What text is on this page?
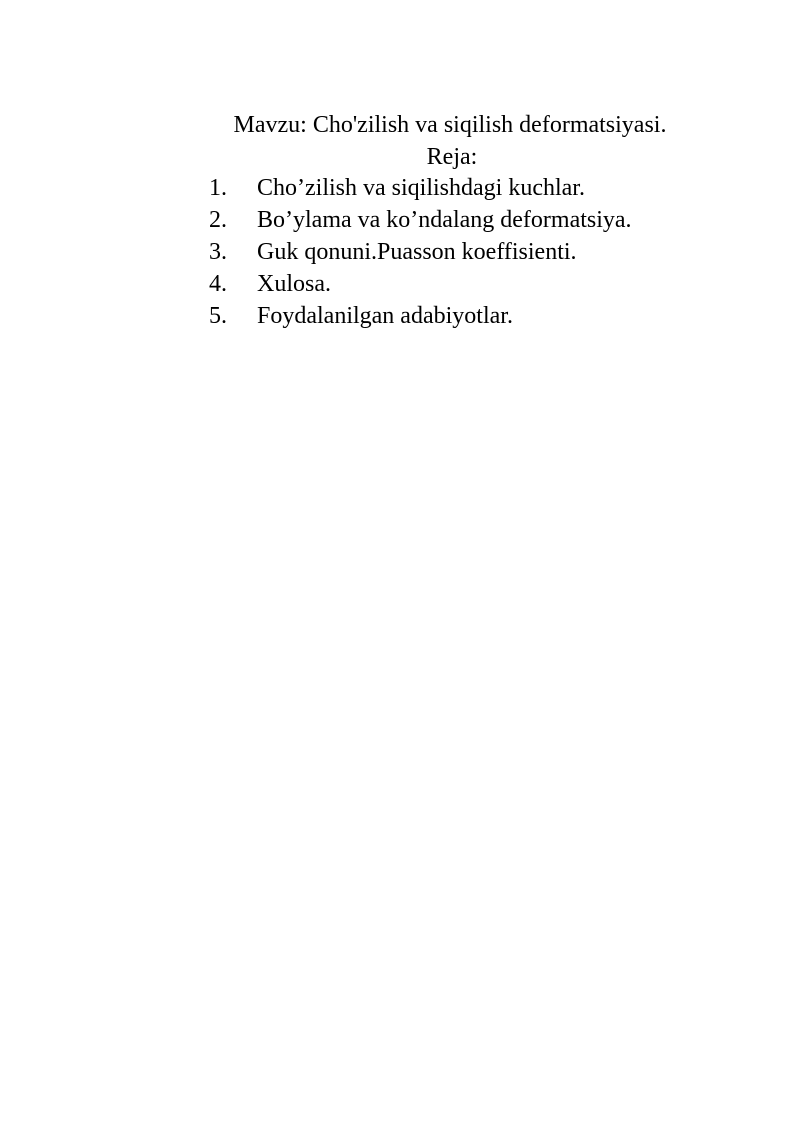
Mavzu: Cho'zilish va siqilish deformatsiyasi.
Reja:
1. Cho’zilish va siqilishdagi kuchlar.
2. Bo’ylama va ko’ndalang deformatsiya.
3. Guk qonuni.Puasson koeffisienti.
4. Xulosa.
5. Foydalanilgan adabiyotlar.
